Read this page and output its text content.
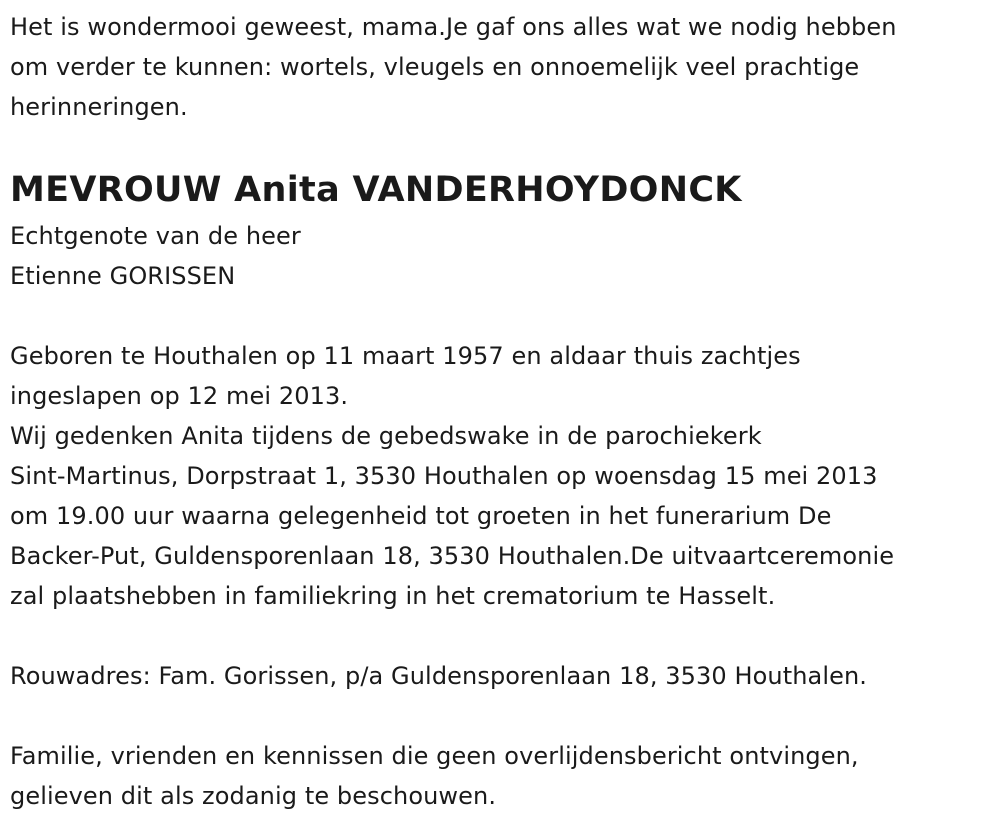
Het is wondermooi geweest, mama.Je gaf ons alles wat we nodig hebben
om verder te kunnen: wortels, vleugels en onnoemelijk veel prachtige
herinneringen.
MEVROUW Anita VANDERHOYDONCK
Echtgenote van de heer
Etienne GORISSEN
Geboren te Houthalen op 11 maart 1957 en aldaar thuis zachtjes
ingeslapen op 12 mei 2013.
Wij gedenken Anita tijdens de gebedswake in de parochiekerk
Sint-Martinus, Dorpstraat 1, 3530 Houthalen op woensdag 15 mei 2013
om 19.00 uur waarna gelegenheid tot groeten in het funerarium De
Backer-Put, Guldensporenlaan 18, 3530 Houthalen.De uitvaartceremonie
zal plaatshebben in familiekring in het crematorium te Hasselt.
Rouwadres: Fam. Gorissen, p/a Guldensporenlaan 18, 3530 Houthalen.
Familie, vrienden en kennissen die geen overlijdensbericht ontvingen,
gelieven dit als zodanig te beschouwen.
